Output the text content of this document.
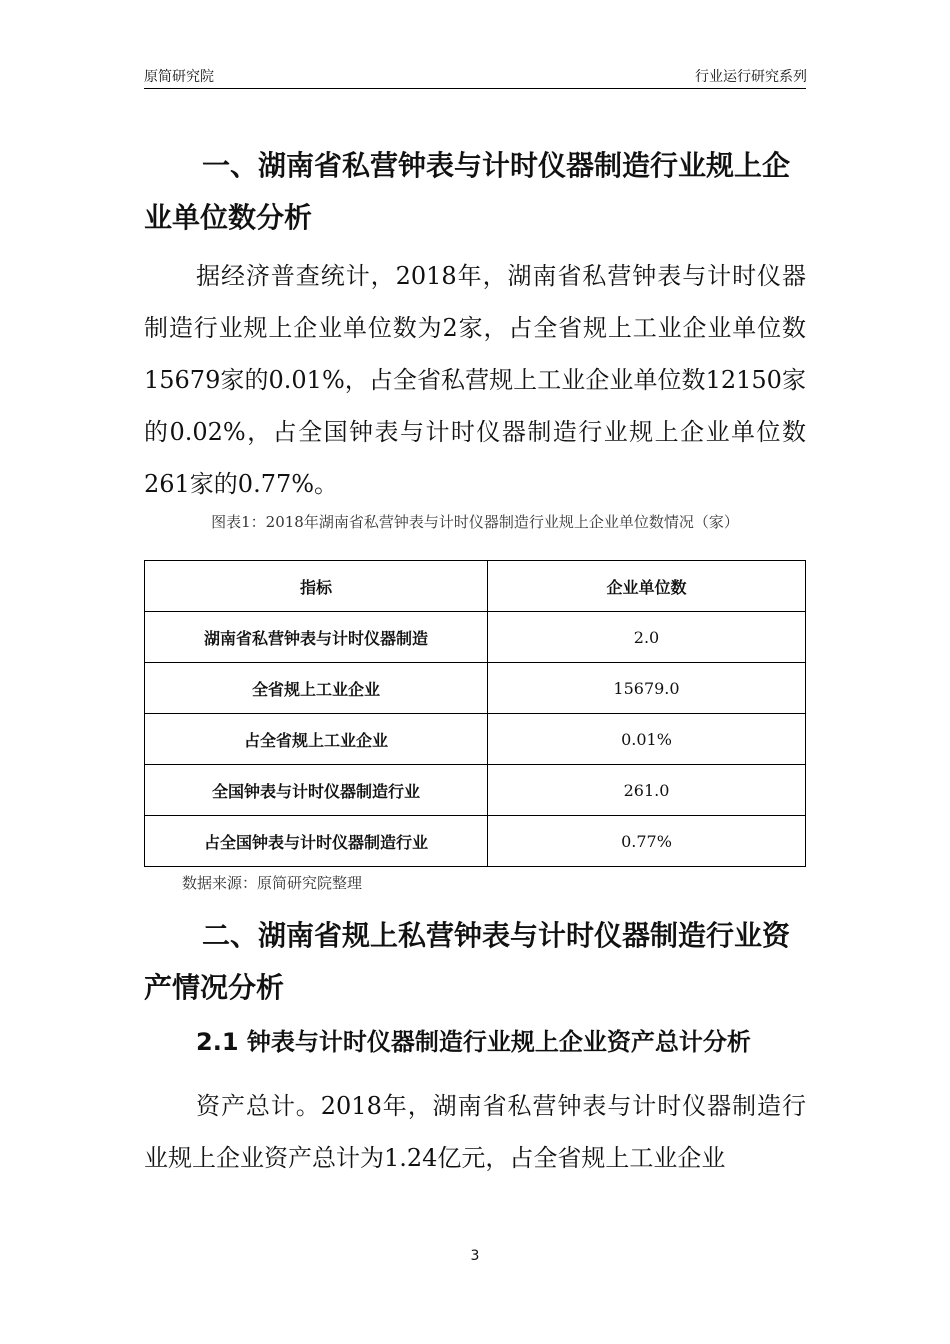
原简研究院	行业运行研究系列
一、湖南省私营钟表与计时仪器制造行业规上企业单位数分析
据经济普查统计，2018年，湖南省私营钟表与计时仪器制造行业规上企业单位数为2家，占全省规上工业企业单位数15679家的0.01%，占全省私营规上工业企业单位数12150家的0.02%，占全国钟表与计时仪器制造行业规上企业单位数261家的0.77%。
图表1：2018年湖南省私营钟表与计时仪器制造行业规上企业单位数情况（家）
指标	企业单位数
湖南省私营钟表与计时仪器制造	2.0
全省规上工业企业	15679.0
占全省规上工业企业	0.01%
全国钟表与计时仪器制造行业	261.0
占全国钟表与计时仪器制造行业	0.77%
数据来源：原简研究院整理
二、湖南省规上私营钟表与计时仪器制造行业资产情况分析
2.1 钟表与计时仪器制造行业规上企业资产总计分析
资产总计。2018年，湖南省私营钟表与计时仪器制造行业规上企业资产总计为1.24亿元，占全省规上工业企业
3
